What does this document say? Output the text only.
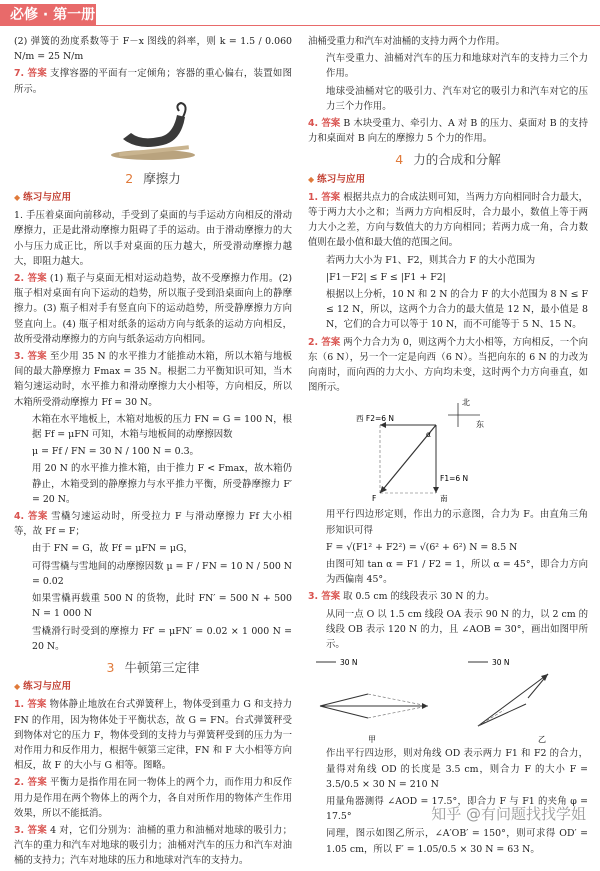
必修 · 第一册

(2) 弹簧的劲度系数等于 F－x 图线的斜率，则 k = 1.5 / 0.060 N/m = 25 N/m

7. 答案 支撑容器的平面有一定倾角；容器的重心偏右，装置如图所示。

2 摩擦力
◆ 练习与应用

1. 手压着桌面向前移动，手受到了桌面的与手运动方向相反的滑动摩擦力，正是此滑动摩擦力阻碍了手的运动。由于滑动摩擦力的大小与压力成正比，所以手对桌面的压力越大，所受滑动摩擦力越大，即阻力越大。

2. 答案 (1) 瓶子与桌面无相对运动趋势，故不受摩擦力作用。(2) 瓶子相对桌面有向下运动的趋势，所以瓶子受到沿桌面向上的静摩擦力。(3) 瓶子相对手有竖直向下的运动趋势，所受静摩擦力方向竖直向上。(4) 瓶子相对纸条的运动方向与纸条的运动方向相反，故所受滑动摩擦力的方向与纸条运动方向相同。

3. 答案 至少用 35 N 的水平推力才能推动木箱，所以木箱与地板间的最大静摩擦力 Fmax = 35 N。根据二力平衡知识可知，当木箱匀速运动时，水平推力和滑动摩擦力大小相等，方向相反，所以木箱所受滑动摩擦力 Ff = 30 N。

木箱在水平地板上，木箱对地板的压力 FN = G = 100 N，根据 Ff = μFN 可知，木箱与地板间的动摩擦因数

μ = Ff / FN = 30 N / 100 N = 0.3。

用 20 N 的水平推力推木箱，由于推力 F < Fmax，故木箱仍静止，木箱受到的静摩擦力与水平推力平衡，所受静摩擦力 F′ = 20 N。

4. 答案 雪橇匀速运动时，所受拉力 F 与滑动摩擦力 Ff 大小相等，故 Ff = F；

由于 FN = G，故 Ff = μFN = μG，

可得雪橇与雪地间的动摩擦因数 μ = F / FN = 10 N / 500 N = 0.02

如果雪橇再载重 500 N 的货物，此时 FN′ = 500 N + 500 N = 1 000 N

雪橇滑行时受到的摩擦力 Ff′ = μFN′ = 0.02 × 1 000 N = 20 N。

3 牛顿第三定律
◆ 练习与应用

1. 答案 物体静止地放在台式弹簧秤上，物体受到重力 G 和支持力 FN 的作用，因为物体处于平衡状态，故 G = FN。台式弹簧秤受到物体对它的压力 F，物体受到的支持力与弹簧秤受到的压力为一对作用力和反作用力，根据牛顿第三定律，FN 和 F 大小相等方向相反，故 F 的大小与 G 相等。图略。

2. 答案 平衡力是指作用在同一物体上的两个力，而作用力和反作用力是作用在两个物体上的两个力，各自对所作用的物体产生作用效果，所以不能抵消。

3. 答案 4 对，它们分别为：油桶的重力和油桶对地球的吸引力；汽车的重力和汽车对地球的吸引力；油桶对汽车的压力和汽车对油桶的支持力；汽车对地球的压力和地球对汽车的支持力。

油桶受重力和汽车对油桶的支持力两个力作用。

汽车受重力、油桶对汽车的压力和地球对汽车的支持力三个力作用。

地球受油桶对它的吸引力、汽车对它的吸引力和汽车对它的压力三个力作用。

4. 答案 B 木块受重力、牵引力、A 对 B 的压力、桌面对 B 的支持力和桌面对 B 向左的摩擦力 5 个力的作用。

4 力的合成和分解
◆ 练习与应用

1. 答案 根据共点力的合成法则可知，当两力方向相同时合力最大，等于两力大小之和；当两力方向相反时，合力最小，数值上等于两力大小之差，方向与数值大的力方向相同；若两力成一角，合力数值则在最小值和最大值的范围之间。

若两力大小为 F1、F2，则其合力 F 的大小范围为

|F1－F2| ≤ F ≤ |F1 + F2|

根据以上分析，10 N 和 2 N 的合力 F 的大小范围为 8 N ≤ F ≤ 12 N，所以，这两个力合力的最大值是 12 N，最小值是 8 N，它们的合力可以等于 10 N，而不可能等于 5 N、15 N。

2. 答案 两个力合力为 0，则这两个力大小相等，方向相反，一个向东（6 N），另一个一定是向西（6 N）。当把向东的 6 N 的力改为向南时，而向西的力大小、方向均未变，这时两个力方向垂直，如图所示。

北
东
西 F2=6 N
α
F1=6 N
南
F

用平行四边形定则，作出力的示意图，合力为 F。由直角三角形知识可得

F = √(F1² + F2²) = √(6² + 6²) N = 8.5 N

由图可知 tan α = F1 / F2 = 1，所以 α = 45°，即合力方向为西偏南 45°。

3. 答案 取 0.5 cm 的线段表示 30 N 的力。

从同一点 O 以 1.5 cm 线段 OA 表示 90 N 的力，以 2 cm 的线段 OB 表示 120 N 的力，且 ∠AOB = 30°，画出如图甲所示。

30 N
甲
30 N
乙

作出平行四边形，则对角线 OD 表示两力 F1 和 F2 的合力，量得对角线 OD 的长度是 3.5 cm，则合力 F 的大小 F = 3.5/0.5 × 30 N = 210 N

用量角器测得 ∠AOD = 17.5°，即合力 F 与 F1 的夹角 φ = 17.5°

同理，图示如图乙所示，∠A′OB′ = 150°，则可求得 OD′ = 1.05 cm，所以 F′ = 1.05/0.5 × 30 N = 63 N。

知乎 @有问题找找学姐
